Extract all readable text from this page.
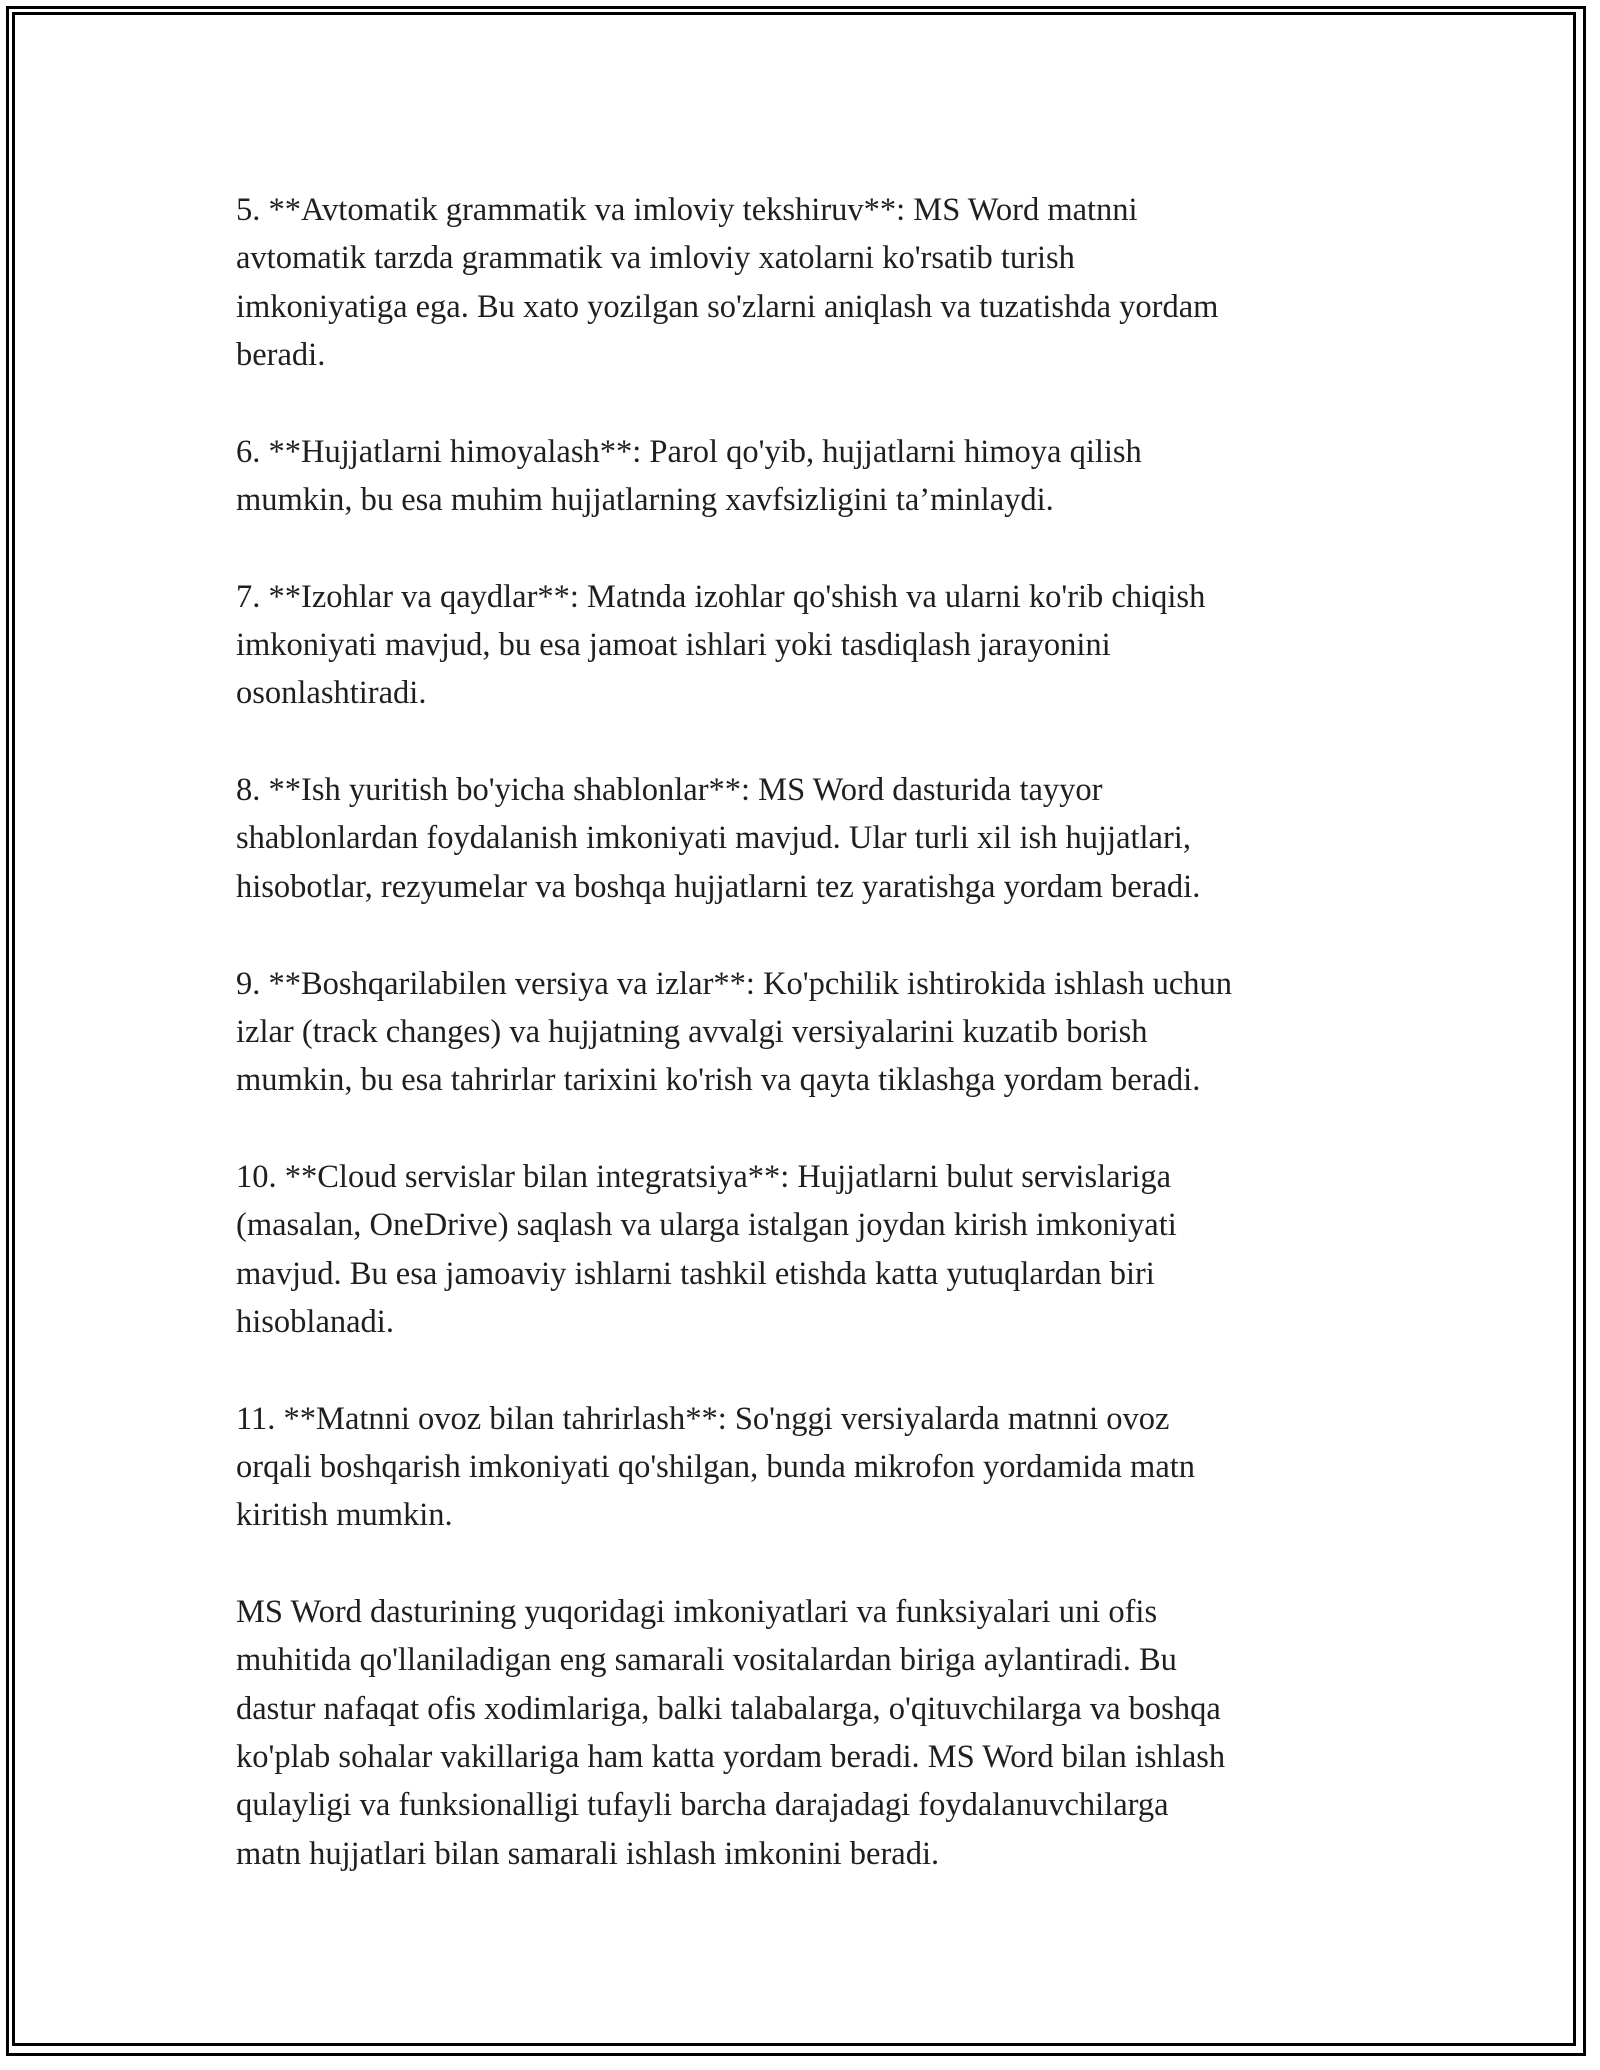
5. **Avtomatik grammatik va imloviy tekshiruv**: MS Word matnni
avtomatik tarzda grammatik va imloviy xatolarni ko'rsatib turish
imkoniyatiga ega. Bu xato yozilgan so'zlarni aniqlash va tuzatishda yordam
beradi.

6. **Hujjatlarni himoyalash**: Parol qo'yib, hujjatlarni himoya qilish
mumkin, bu esa muhim hujjatlarning xavfsizligini ta’minlaydi.

7. **Izohlar va qaydlar**: Matnda izohlar qo'shish va ularni ko'rib chiqish
imkoniyati mavjud, bu esa jamoat ishlari yoki tasdiqlash jarayonini
osonlashtiradi.

8. **Ish yuritish bo'yicha shablonlar**: MS Word dasturida tayyor
shablonlardan foydalanish imkoniyati mavjud. Ular turli xil ish hujjatlari,
hisobotlar, rezyumelar va boshqa hujjatlarni tez yaratishga yordam beradi.

9. **Boshqarilabilen versiya va izlar**: Ko'pchilik ishtirokida ishlash uchun
izlar (track changes) va hujjatning avvalgi versiyalarini kuzatib borish
mumkin, bu esa tahrirlar tarixini ko'rish va qayta tiklashga yordam beradi.

10. **Cloud servislar bilan integratsiya**: Hujjatlarni bulut servislariga
(masalan, OneDrive) saqlash va ularga istalgan joydan kirish imkoniyati
mavjud. Bu esa jamoaviy ishlarni tashkil etishda katta yutuqlardan biri
hisoblanadi.

11. **Matnni ovoz bilan tahrirlash**: So'nggi versiyalarda matnni ovoz
orqali boshqarish imkoniyati qo'shilgan, bunda mikrofon yordamida matn
kiritish mumkin.

MS Word dasturining yuqoridagi imkoniyatlari va funksiyalari uni ofis
muhitida qo'llaniladigan eng samarali vositalardan biriga aylantiradi. Bu
dastur nafaqat ofis xodimlariga, balki talabalarga, o'qituvchilarga va boshqa
ko'plab sohalar vakillariga ham katta yordam beradi. MS Word bilan ishlash
qulayligi va funksionalligi tufayli barcha darajadagi foydalanuvchilarga
matn hujjatlari bilan samarali ishlash imkonini beradi.
